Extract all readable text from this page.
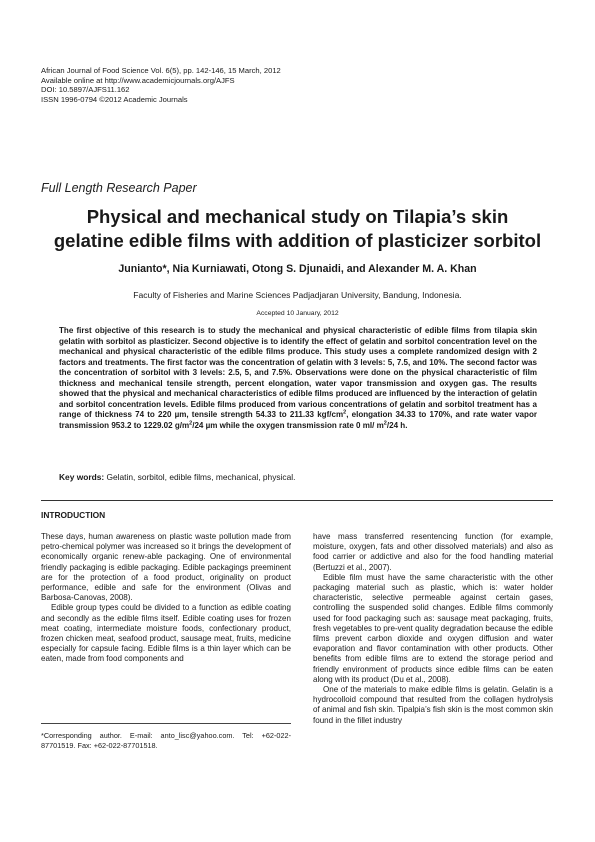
African Journal of Food Science Vol. 6(5), pp. 142-146, 15 March, 2012
Available online at http://www.academicjournals.org/AJFS
DOI: 10.5897/AJFS11.162
ISSN 1996-0794 ©2012 Academic Journals
Full Length Research Paper
Physical and mechanical study on Tilapia’s skin
gelatine edible films with addition of plasticizer sorbitol
Junianto*, Nia Kurniawati, Otong S. Djunaidi, and Alexander M. A. Khan
Faculty of Fisheries and Marine Sciences Padjadjaran University, Bandung, Indonesia.
Accepted 10 January, 2012
The first objective of this research is to study the mechanical and physical characteristic of edible films from tilapia skin gelatin with sorbitol as plasticizer. Second objective is to identify the effect of gelatin and sorbitol concentration level on the mechanical and physical characteristic of the edible films produce. This study uses a complete randomized design with 2 factors and treatments. The first factor was the concentration of gelatin with 3 levels: 5, 7.5, and 10%. The second factor was the concentration of sorbitol with 3 levels: 2.5, 5, and 7.5%. Observations were done on the physical characteristic of film thickness and mechanical tensile strength, percent elongation, water vapor transmission and oxygen gas. The results showed that the physical and mechanical characteristics of edible films produced are influenced by the interaction of gelatin and sorbitol concentration levels. Edible films produced from various concentrations of gelatin and sorbitol treatment has a range of thickness 74 to 220 µm, tensile strength 54.33 to 211.33 kgf/$cm^2$, elongation 34.33 to 170%, and rate water vapor transmission 953.2 to 1229.02 $g/m^2/24$ µm while the oxygen transmission rate 0 ml/ $m^2/24$ h.
Key words: Gelatin, sorbitol, edible films, mechanical, physical.
INTRODUCTION

These days, human awareness on plastic waste pollution made from petro-chemical polymer was increased so it brings the development of economically organic renew-able packaging. One of environmental friendly packaging is edible packaging. Edible packagings preeminent are for the protection of a food product, originality on product performance, edible and safe for the environment (Olivas and Barbosa-Canovas, 2008).

Edible group types could be divided to a function as edible coating and secondly as the edible films itself. Edible coating uses for frozen meat coating, intermediate moisture foods, confectionary product, frozen chicken meat, seafood product, sausage meat, fruits, medicine especially for capsule facing. Edible films is a thin layer which can be eaten, made from food components and

have mass transferred resentencing function (for example, moisture, oxygen, fats and other dissolved materials) and also as food carrier or addictive and also for the food handling material (Bertuzzi et al., 2007).

Edible film must have the same characteristic with the other packaging material such as plastic, which is: water holder characteristic, selective permeable against certain gases, controlling the suspended solid changes. Edible films commonly used for food packaging such as: sausage meat packaging, fruits, fresh vegetables to pre-vent quality degradation because the edible films prevent carbon dioxide and oxygen diffusion and water evaporation and flavor contamination with other products. Other benefits from edible films are to extend the storage period and friendly environment of products since edible films can be eaten along with its product (Du et al., 2008).

One of the materials to make edible films is gelatin. Gelatin is a hydrocolloid compound that resulted from the collagen hydrolysis of animal and fish skin. Tipalpia’s fish skin is the most common skin found in the fillet industry

*Corresponding author. E-mail: anto_lisc@yahoo.com. Tel: +62-022-87701519. Fax: +62-022-87701518.
